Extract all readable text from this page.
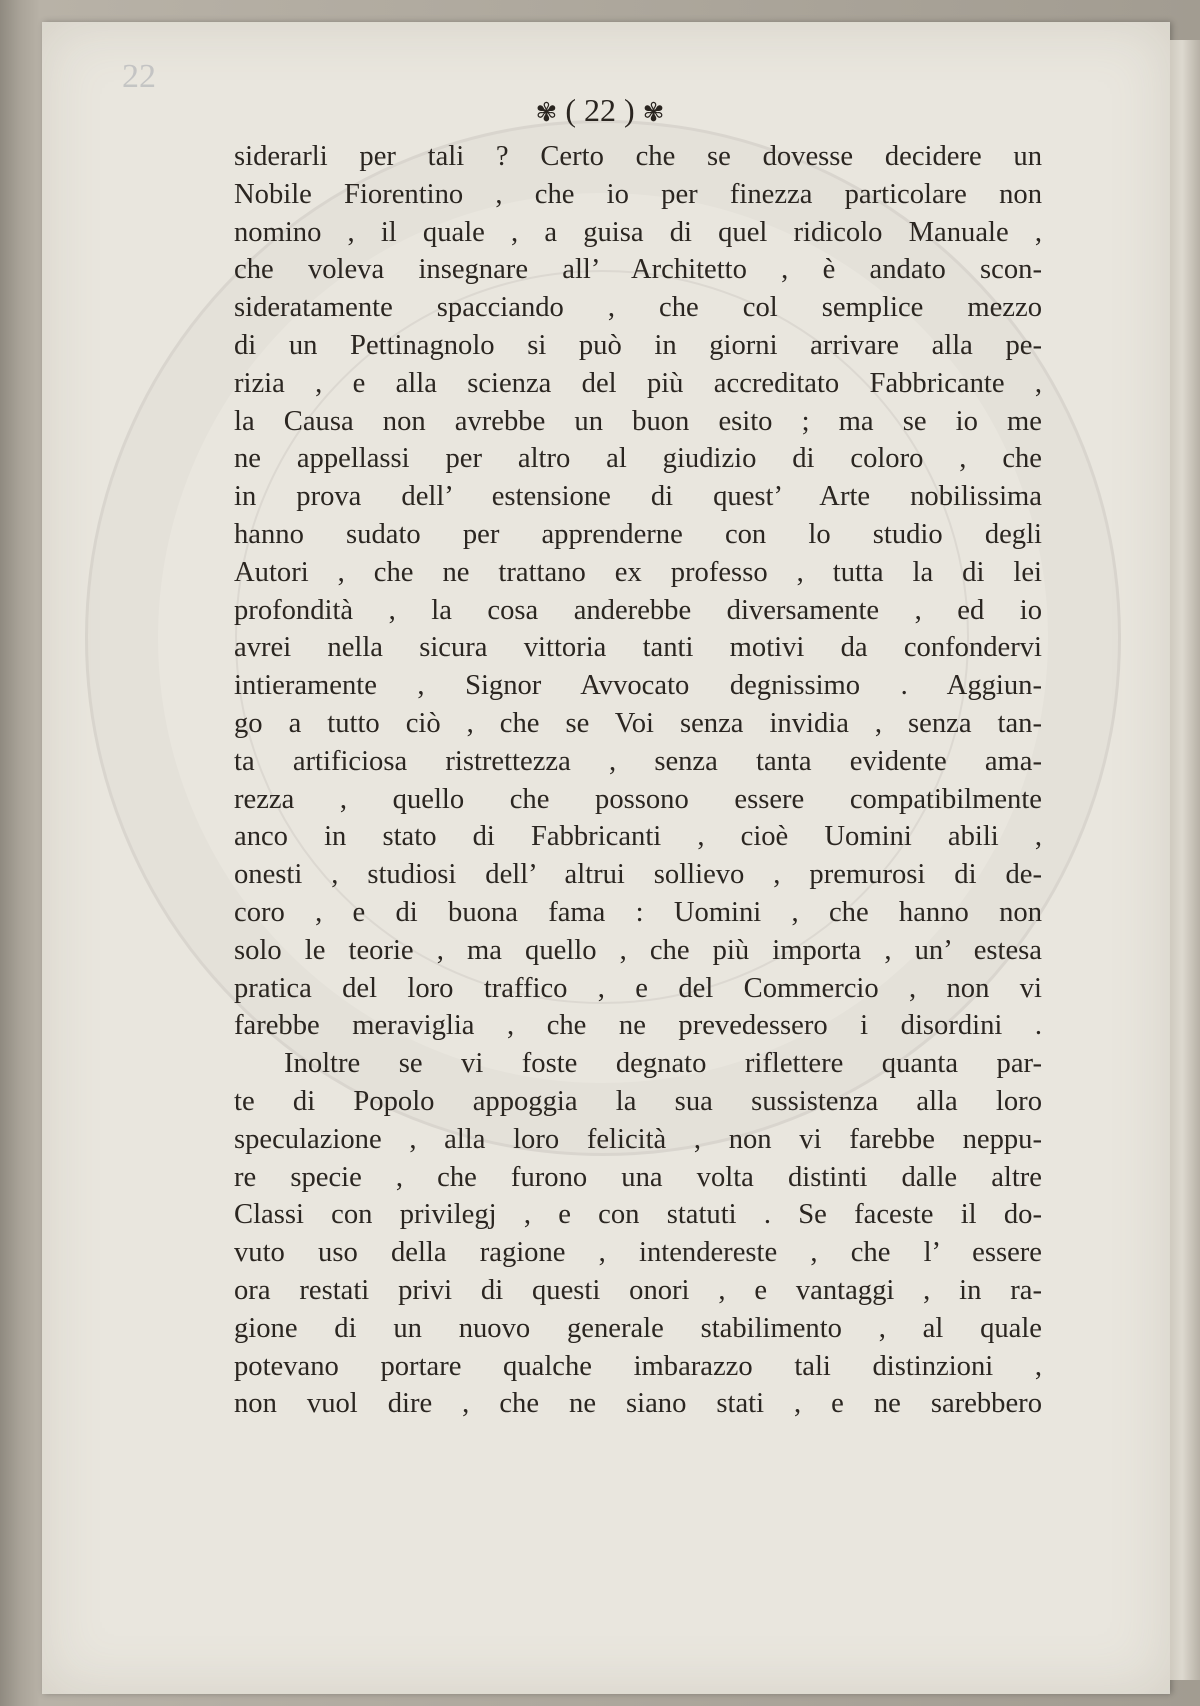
22
✾ ( 22 ) ✾
siderarli per tali ? Certo che se dovesse decidere un
Nobile Fiorentino , che io per finezza particolare non
nomino , il quale , a guisa di quel ridicolo Manuale ,
che voleva insegnare all’ Architetto , è andato scon-
sideratamente spacciando , che col semplice mezzo
di un Pettinagnolo si può in giorni arrivare alla pe-
rizia , e alla scienza del più accreditato Fabbricante ,
la Causa non avrebbe un buon esito ; ma se io me
ne appellassi per altro al giudizio di coloro , che
in prova dell’ estensione di quest’ Arte nobilissima
hanno sudato per apprenderne con lo studio degli
Autori , che ne trattano ex professo , tutta la di lei
profondità , la cosa anderebbe diversamente , ed io
avrei nella sicura vittoria tanti motivi da confondervi
intieramente , Signor Avvocato degnissimo . Aggiun-
go a tutto ciò , che se Voi senza invidia , senza tan-
ta artificiosa ristrettezza , senza tanta evidente ama-
rezza , quello che possono essere compatibilmente
anco in stato di Fabbricanti , cioè Uomini abili ,
onesti , studiosi dell’ altrui sollievo , premurosi di de-
coro , e di buona fama : Uomini , che hanno non
solo le teorie , ma quello , che più importa , un’ estesa
pratica del loro traffico , e del Commercio , non vi
farebbe meraviglia , che ne prevedessero i disordini .
Inoltre se vi foste degnato riflettere quanta par-
te di Popolo appoggia la sua sussistenza alla loro
speculazione , alla loro felicità , non vi farebbe neppu-
re specie , che furono una volta distinti dalle altre
Classi con privilegj , e con statuti . Se faceste il do-
vuto uso della ragione , intendereste , che l’ essere
ora restati privi di questi onori , e vantaggi , in ra-
gione di un nuovo generale stabilimento , al quale
potevano portare qualche imbarazzo tali distinzioni ,
non vuol dire , che ne siano stati , e ne sarebbero
